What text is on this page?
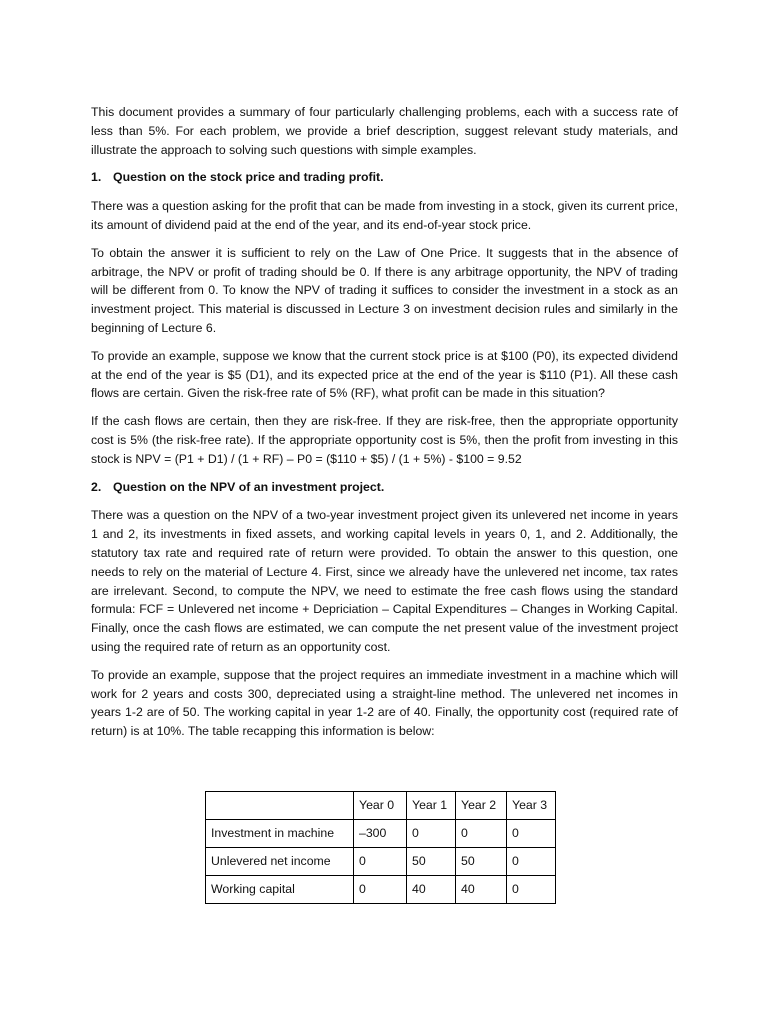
This document provides a summary of four particularly challenging problems, each with a success rate of less than 5%. For each problem, we provide a brief description, suggest relevant study materials, and illustrate the approach to solving such questions with simple examples.

1. Question on the stock price and trading profit.

There was a question asking for the profit that can be made from investing in a stock, given its current price, its amount of dividend paid at the end of the year, and its end-of-year stock price.

To obtain the answer it is sufficient to rely on the Law of One Price. It suggests that in the absence of arbitrage, the NPV or profit of trading should be 0. If there is any arbitrage opportunity, the NPV of trading will be different from 0. To know the NPV of trading it suffices to consider the investment in a stock as an investment project. This material is discussed in Lecture 3 on investment decision rules and similarly in the beginning of Lecture 6.

To provide an example, suppose we know that the current stock price is at $100 (P0), its expected dividend at the end of the year is $5 (D1), and its expected price at the end of the year is $110 (P1). All these cash flows are certain. Given the risk-free rate of 5% (RF), what profit can be made in this situation?

If the cash flows are certain, then they are risk-free. If they are risk-free, then the appropriate opportunity cost is 5% (the risk-free rate). If the appropriate opportunity cost is 5%, then the profit from investing in this stock is NPV = (P1 + D1) / (1 + RF) – P0 = ($110 + $5) / (1 + 5%) - $100 = 9.52

2. Question on the NPV of an investment project.

There was a question on the NPV of a two-year investment project given its unlevered net income in years 1 and 2, its investments in fixed assets, and working capital levels in years 0, 1, and 2. Additionally, the statutory tax rate and required rate of return were provided. To obtain the answer to this question, one needs to rely on the material of Lecture 4. First, since we already have the unlevered net income, tax rates are irrelevant. Second, to compute the NPV, we need to estimate the free cash flows using the standard formula: FCF = Unlevered net income + Depriciation – Capital Expenditures – Changes in Working Capital. Finally, once the cash flows are estimated, we can compute the net present value of the investment project using the required rate of return as an opportunity cost.

To provide an example, suppose that the project requires an immediate investment in a machine which will work for 2 years and costs 300, depreciated using a straight-line method. The unlevered net incomes in years 1-2 are of 50. The working capital in year 1-2 are of 40. Finally, the opportunity cost (required rate of return) is at 10%. The table recapping this information is below:

	Year 0	Year 1	Year 2	Year 3
Investment in machine	–300	0	0	0
Unlevered net income	0	50	50	0
Working capital	0	40	40	0
